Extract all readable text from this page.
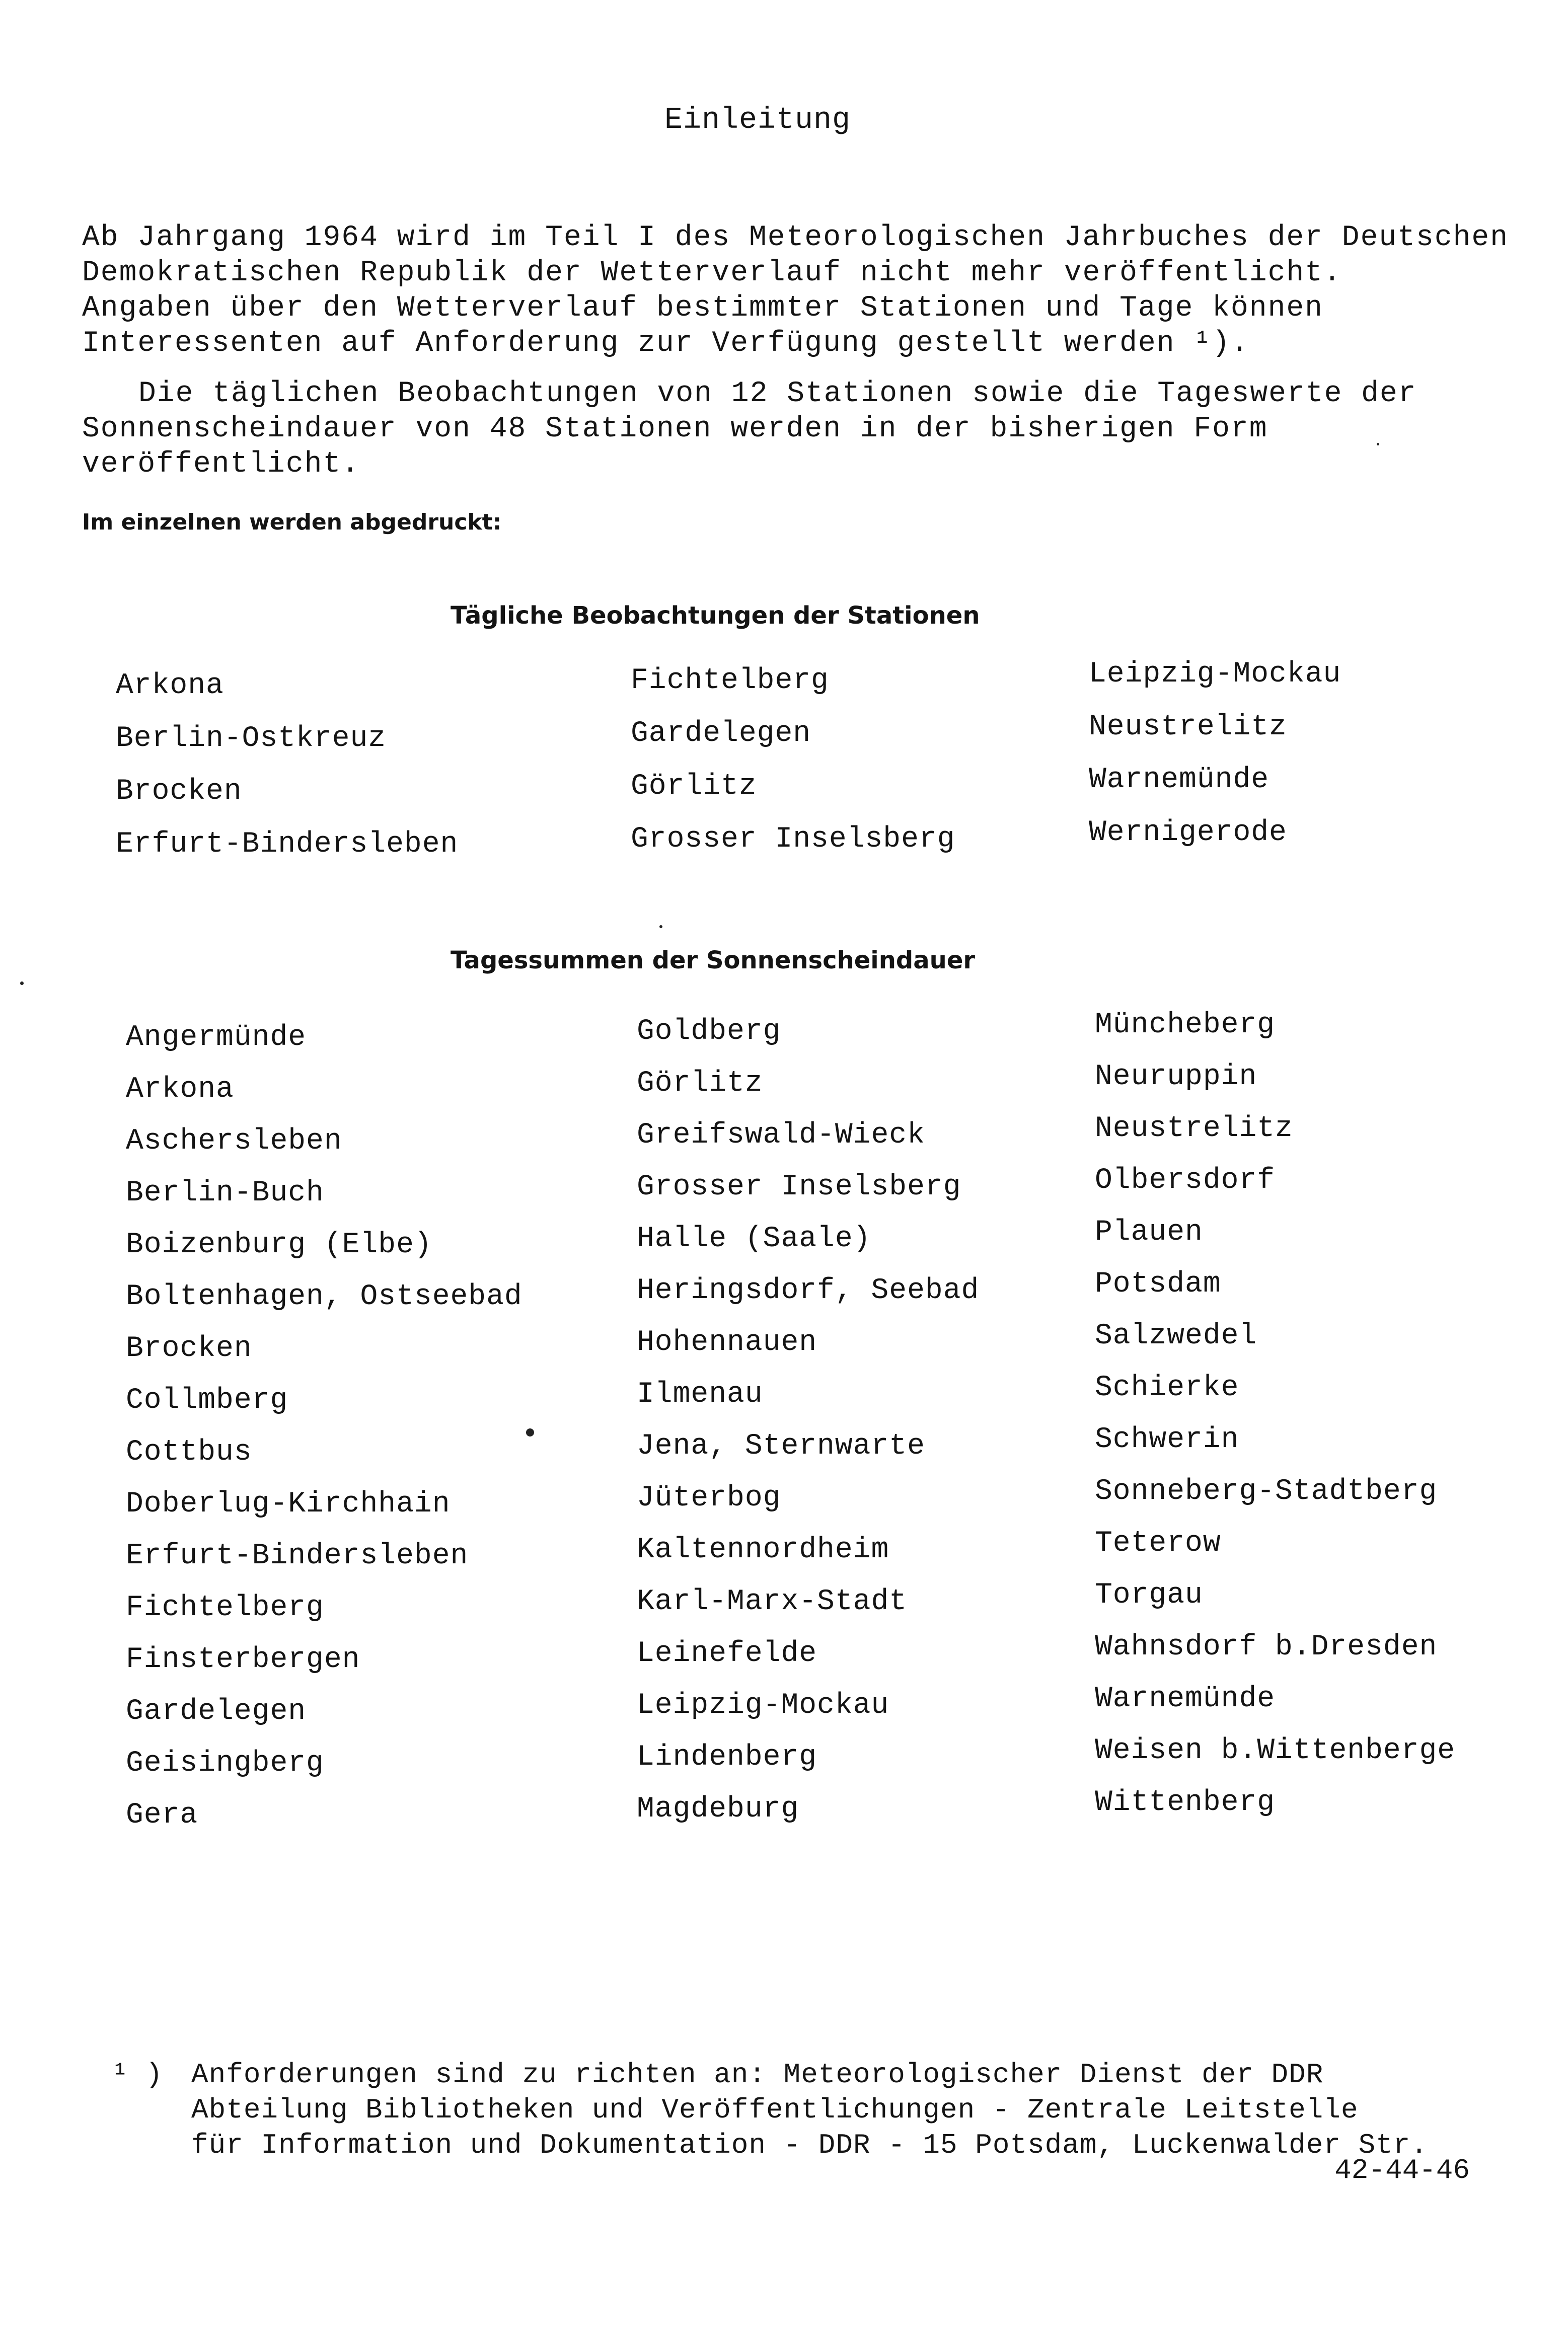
Einleitung
Ab Jahrgang 1964 wird im Teil I des Meteorologischen Jahrbuches der Deutschen
Demokratischen Republik der Wetterverlauf nicht mehr veröffentlicht.
Angaben über den Wetterverlauf bestimmter Stationen und Tage können
Interessenten auf Anforderung zur Verfügung gestellt werden ¹).
Die täglichen Beobachtungen von 12 Stationen sowie die Tageswerte der
Sonnenscheindauer von 48 Stationen werden in der bisherigen Form
veröffentlicht.
Im einzelnen werden abgedruckt:
Tägliche Beobachtungen der Stationen
Arkona
Berlin-Ostkreuz
Brocken
Erfurt-Bindersleben
Fichtelberg
Gardelegen
Görlitz
Grosser Inselsberg
Leipzig-Mockau
Neustrelitz
Warnemünde
Wernigerode
Tagessummen der Sonnenscheindauer
Angermünde
Arkona
Aschersleben
Berlin-Buch
Boizenburg (Elbe)
Boltenhagen, Ostseebad
Brocken
Collmberg
Cottbus
Doberlug-Kirchhain
Erfurt-Bindersleben
Fichtelberg
Finsterbergen
Gardelegen
Geisingberg
Gera
Goldberg
Görlitz
Greifswald-Wieck
Grosser Inselsberg
Halle (Saale)
Heringsdorf, Seebad
Hohennauen
Ilmenau
Jena, Sternwarte
Jüterbog
Kaltennordheim
Karl-Marx-Stadt
Leinefelde
Leipzig-Mockau
Lindenberg
Magdeburg
Müncheberg
Neuruppin
Neustrelitz
Olbersdorf
Plauen
Potsdam
Salzwedel
Schierke
Schwerin
Sonneberg-Stadtberg
Teterow
Torgau
Wahnsdorf b.Dresden
Warnemünde
Weisen b.Wittenberge
Wittenberg
¹ ) Anforderungen sind zu richten an: Meteorologischer Dienst der DDR
Abteilung Bibliotheken und Veröffentlichungen - Zentrale Leitstelle
für Information und Dokumentation - DDR - 15 Potsdam, Luckenwalder Str.
42-44-46
